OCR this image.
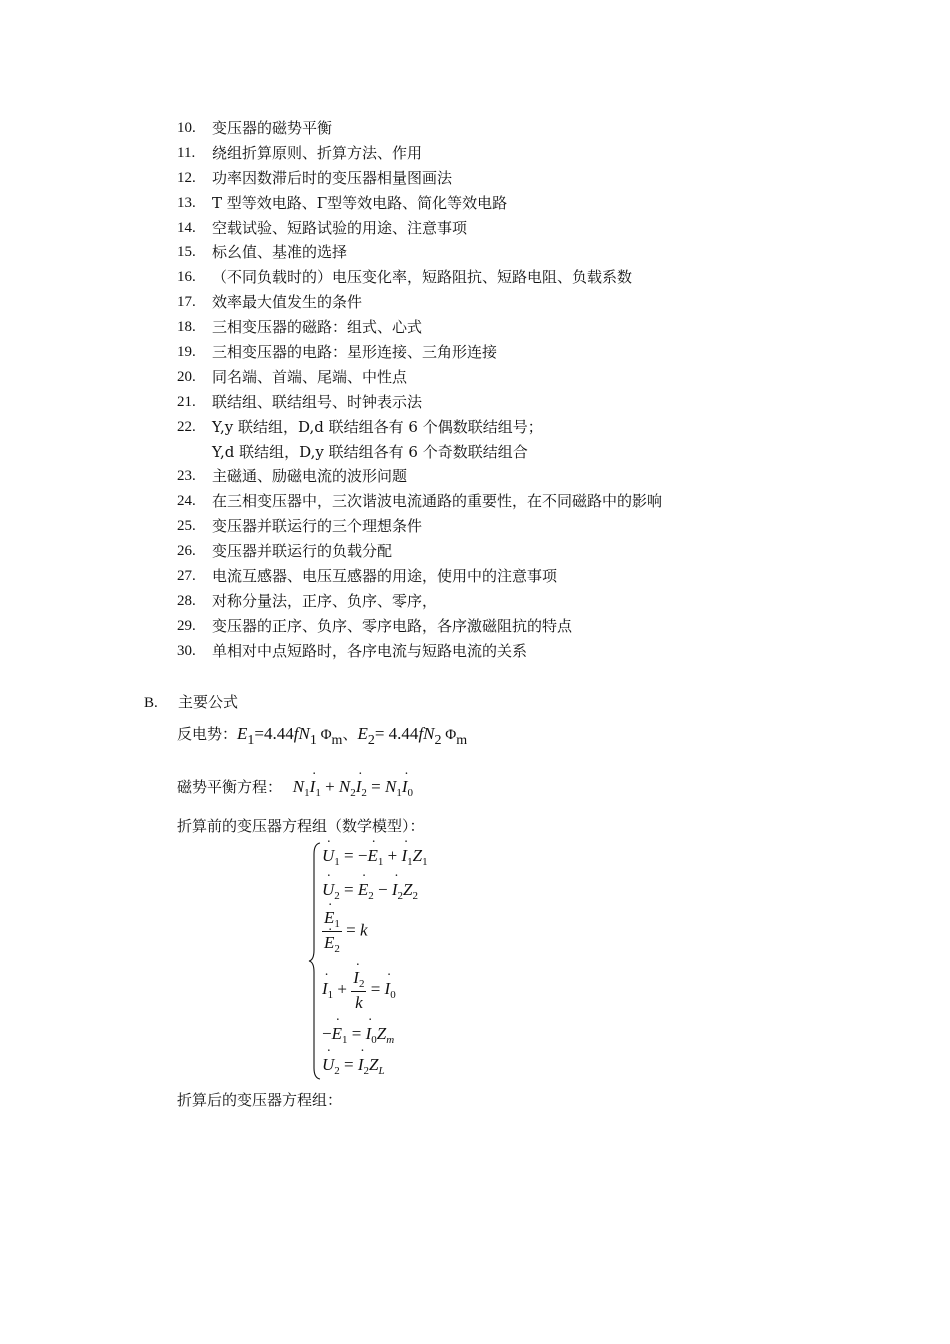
10. 变压器的磁势平衡
11. 绕组折算原则、折算方法、作用
12. 功率因数滞后时的变压器相量图画法
13. T 型等效电路、Γ型等效电路、简化等效电路
14. 空载试验、短路试验的用途、注意事项
15. 标幺值、基准的选择
16. （不同负载时的）电压变化率，短路阻抗、短路电阻、负载系数
17. 效率最大值发生的条件
18. 三相变压器的磁路：组式、心式
19. 三相变压器的电路：星形连接、三角形连接
20. 同名端、首端、尾端、中性点
21. 联结组、联结组号、时钟表示法
22. Y,y 联结组，D,d 联结组各有 6 个偶数联结组号；
Y,d 联结组，D,y 联结组各有 6 个奇数联结组合
23. 主磁通、励磁电流的波形问题
24. 在三相变压器中，三次谐波电流通路的重要性，在不同磁路中的影响
25. 变压器并联运行的三个理想条件
26. 变压器并联运行的负载分配
27. 电流互感器、电压互感器的用途，使用中的注意事项
28. 对称分量法，正序、负序、零序，
29. 变压器的正序、负序、零序电路，各序激磁阻抗的特点
30. 单相对中点短路时，各序电流与短路电流的关系
B. 主要公式
反电势：E1=4.44fN1 Φm、E2= 4.44fN2 Φm
磁势平衡方程： $N_1˙$ $I_1$ + $N_2˙$ $I_2$ = $N_1˙$ $I_0$
折算前的变压器方程组（数学模型）：
˙ $U_1$ = −˙ $E_1$ + ˙ $I_1Z_1$
˙ $U_2$ = ˙ $E_2$ − ˙ $I_2Z_2$
˙ $E_1$
˙ $E_2 = k$
˙ $I_1$ +
˙ $\frac{I_2}{k}$ = ˙ $I_0$
−˙ $E_1$ = ˙ $I_0Z_m$
˙ $U_2$ = ˙ $I_2Z_L$
折算后的变压器方程组：
